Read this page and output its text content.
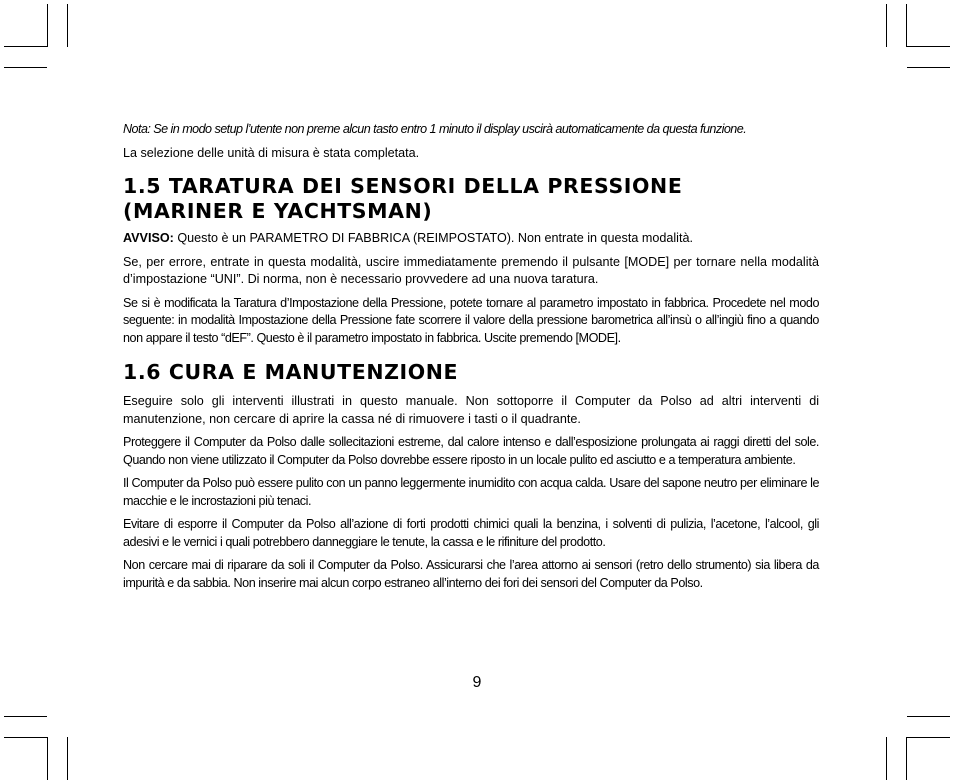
Nota: Se in modo setup l’utente non preme alcun tasto entro 1 minuto il display uscirà automaticamente da questa funzione.

La selezione delle unità di misura è stata completata.

1.5 TARATURA DEI SENSORI DELLA PRESSIONE
(MARINER E YACHTSMAN)

AVVISO: Questo è un PARAMETRO DI FABBRICA (REIMPOSTATO). Non entrate in questa modalità.

Se, per errore, entrate in questa modalità, uscire immediatamente premendo il pulsante [MODE] per tornare nella modalità d’impostazione “UNI”. Di norma, non è necessario provvedere ad una nuova taratura.

Se si è modificata la Taratura d’Impostazione della Pressione, potete tornare al parametro impostato in fabbrica. Procedete nel modo seguente: in modalità Impostazione della Pressione fate scorrere il valore della pressione barometrica all’insù o all’ingiù fino a quando non appare il testo “dEF”. Questo è il parametro impostato in fabbrica. Uscite premendo [MODE].

1.6 CURA E MANUTENZIONE

Eseguire solo gli interventi illustrati in questo manuale. Non sottoporre il Computer da Polso ad altri interventi di manutenzione, non cercare di aprire la cassa né di rimuovere i tasti o il quadrante.

Proteggere il Computer da Polso dalle sollecitazioni estreme, dal calore intenso e dall’esposizione prolungata ai raggi diretti del sole. Quando non viene utilizzato il Computer da Polso dovrebbe essere riposto in un locale pulito ed asciutto e a temperatura ambiente.

Il Computer da Polso può essere pulito con un panno leggermente inumidito con acqua calda. Usare del sapone neutro per eliminare le macchie e le incrostazioni più tenaci.

Evitare di esporre il Computer da Polso all’azione di forti prodotti chimici quali la benzina, i solventi di pulizia, l’acetone, l’alcool, gli adesivi e le vernici i quali potrebbero danneggiare le tenute, la cassa e le rifiniture del prodotto.

Non cercare mai di riparare da soli il Computer da Polso. Assicurarsi che l’area attorno ai sensori (retro dello strumento) sia libera da impurità e da sabbia. Non inserire mai alcun corpo estraneo all’interno dei fori dei sensori del Computer da Polso.

9
